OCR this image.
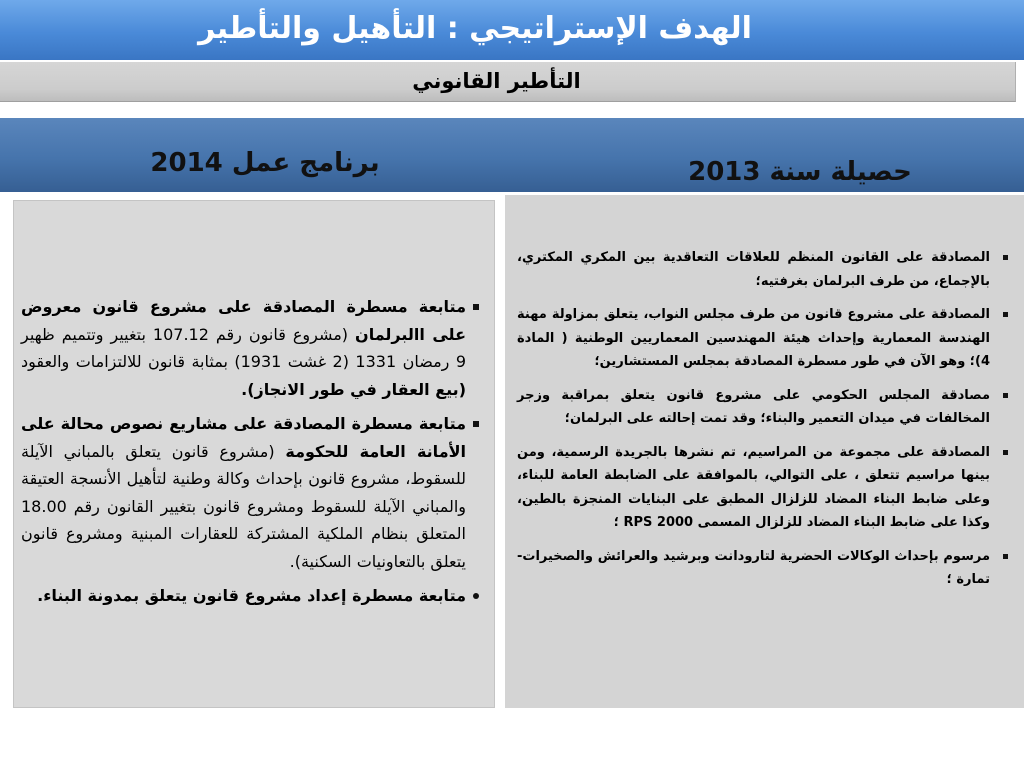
الهدف الإستراتيجي : التأهيل والتأطير
التأطير القانوني
برنامج عمل 2014	حصيلة سنة 2013

متابعة مسطرة المصادقة على مشروع قانون معروض على االبرلمان (مشروع قانون رقم 107.12 بتغيير وتتميم ظهير 9 رمضان 1331 (2 غشت 1931) بمثابة قانون للالتزامات والعقود (بيع العقار في طور الانجاز).

متابعة مسطرة المصادقة على مشاريع نصوص محالة على الأمانة العامة للحكومة (مشروع قانون يتعلق بالمباني الآيلة للسقوط، مشروع قانون بإحداث وكالة وطنية لتأهيل الأنسجة العتيقة والمباني الآيلة للسقوط ومشروع قانون بتغيير القانون رقم 18.00 المتعلق بنظام الملكية المشتركة للعقارات المبنية ومشروع قانون يتعلق بالتعاونيات السكنية).

متابعة مسطرة إعداد مشروع قانون يتعلق بمدونة البناء.

المصادقة على القانون المنظم للعلاقات التعاقدية بين المكري المكتري، بالإجماع، من طرف البرلمان بغرفتيه؛

المصادقة على مشروع قانون من طرف مجلس النواب، يتعلق بمزاولة مهنة الهندسة المعمارية وإحداث هيئة المهندسين المعماريين الوطنية ( المادة 4)؛ وهو الآن في طور مسطرة المصادقة بمجلس المستشارين؛

مصادقة المجلس الحكومي على مشروع قانون يتعلق بمراقبة وزجر المخالفات في ميدان التعمير والبناء؛ وقد تمت إحالته على البرلمان؛

المصادقة على مجموعة من المراسيم، تم نشرها بالجريدة الرسمية، ومن بينها مراسيم تتعلق ، على التوالي، بالموافقة على الضابطة العامة للبناء، وعلى ضابط البناء المضاد للزلزال المطبق على البنايات المنجزة بالطين، وكذا على ضابط البناء المضاد للزلزال المسمى RPS 2000 ؛

مرسوم بإحداث الوكالات الحضرية لتارودانت وبرشيد والعرائش والصخيرات-تمارة ؛
